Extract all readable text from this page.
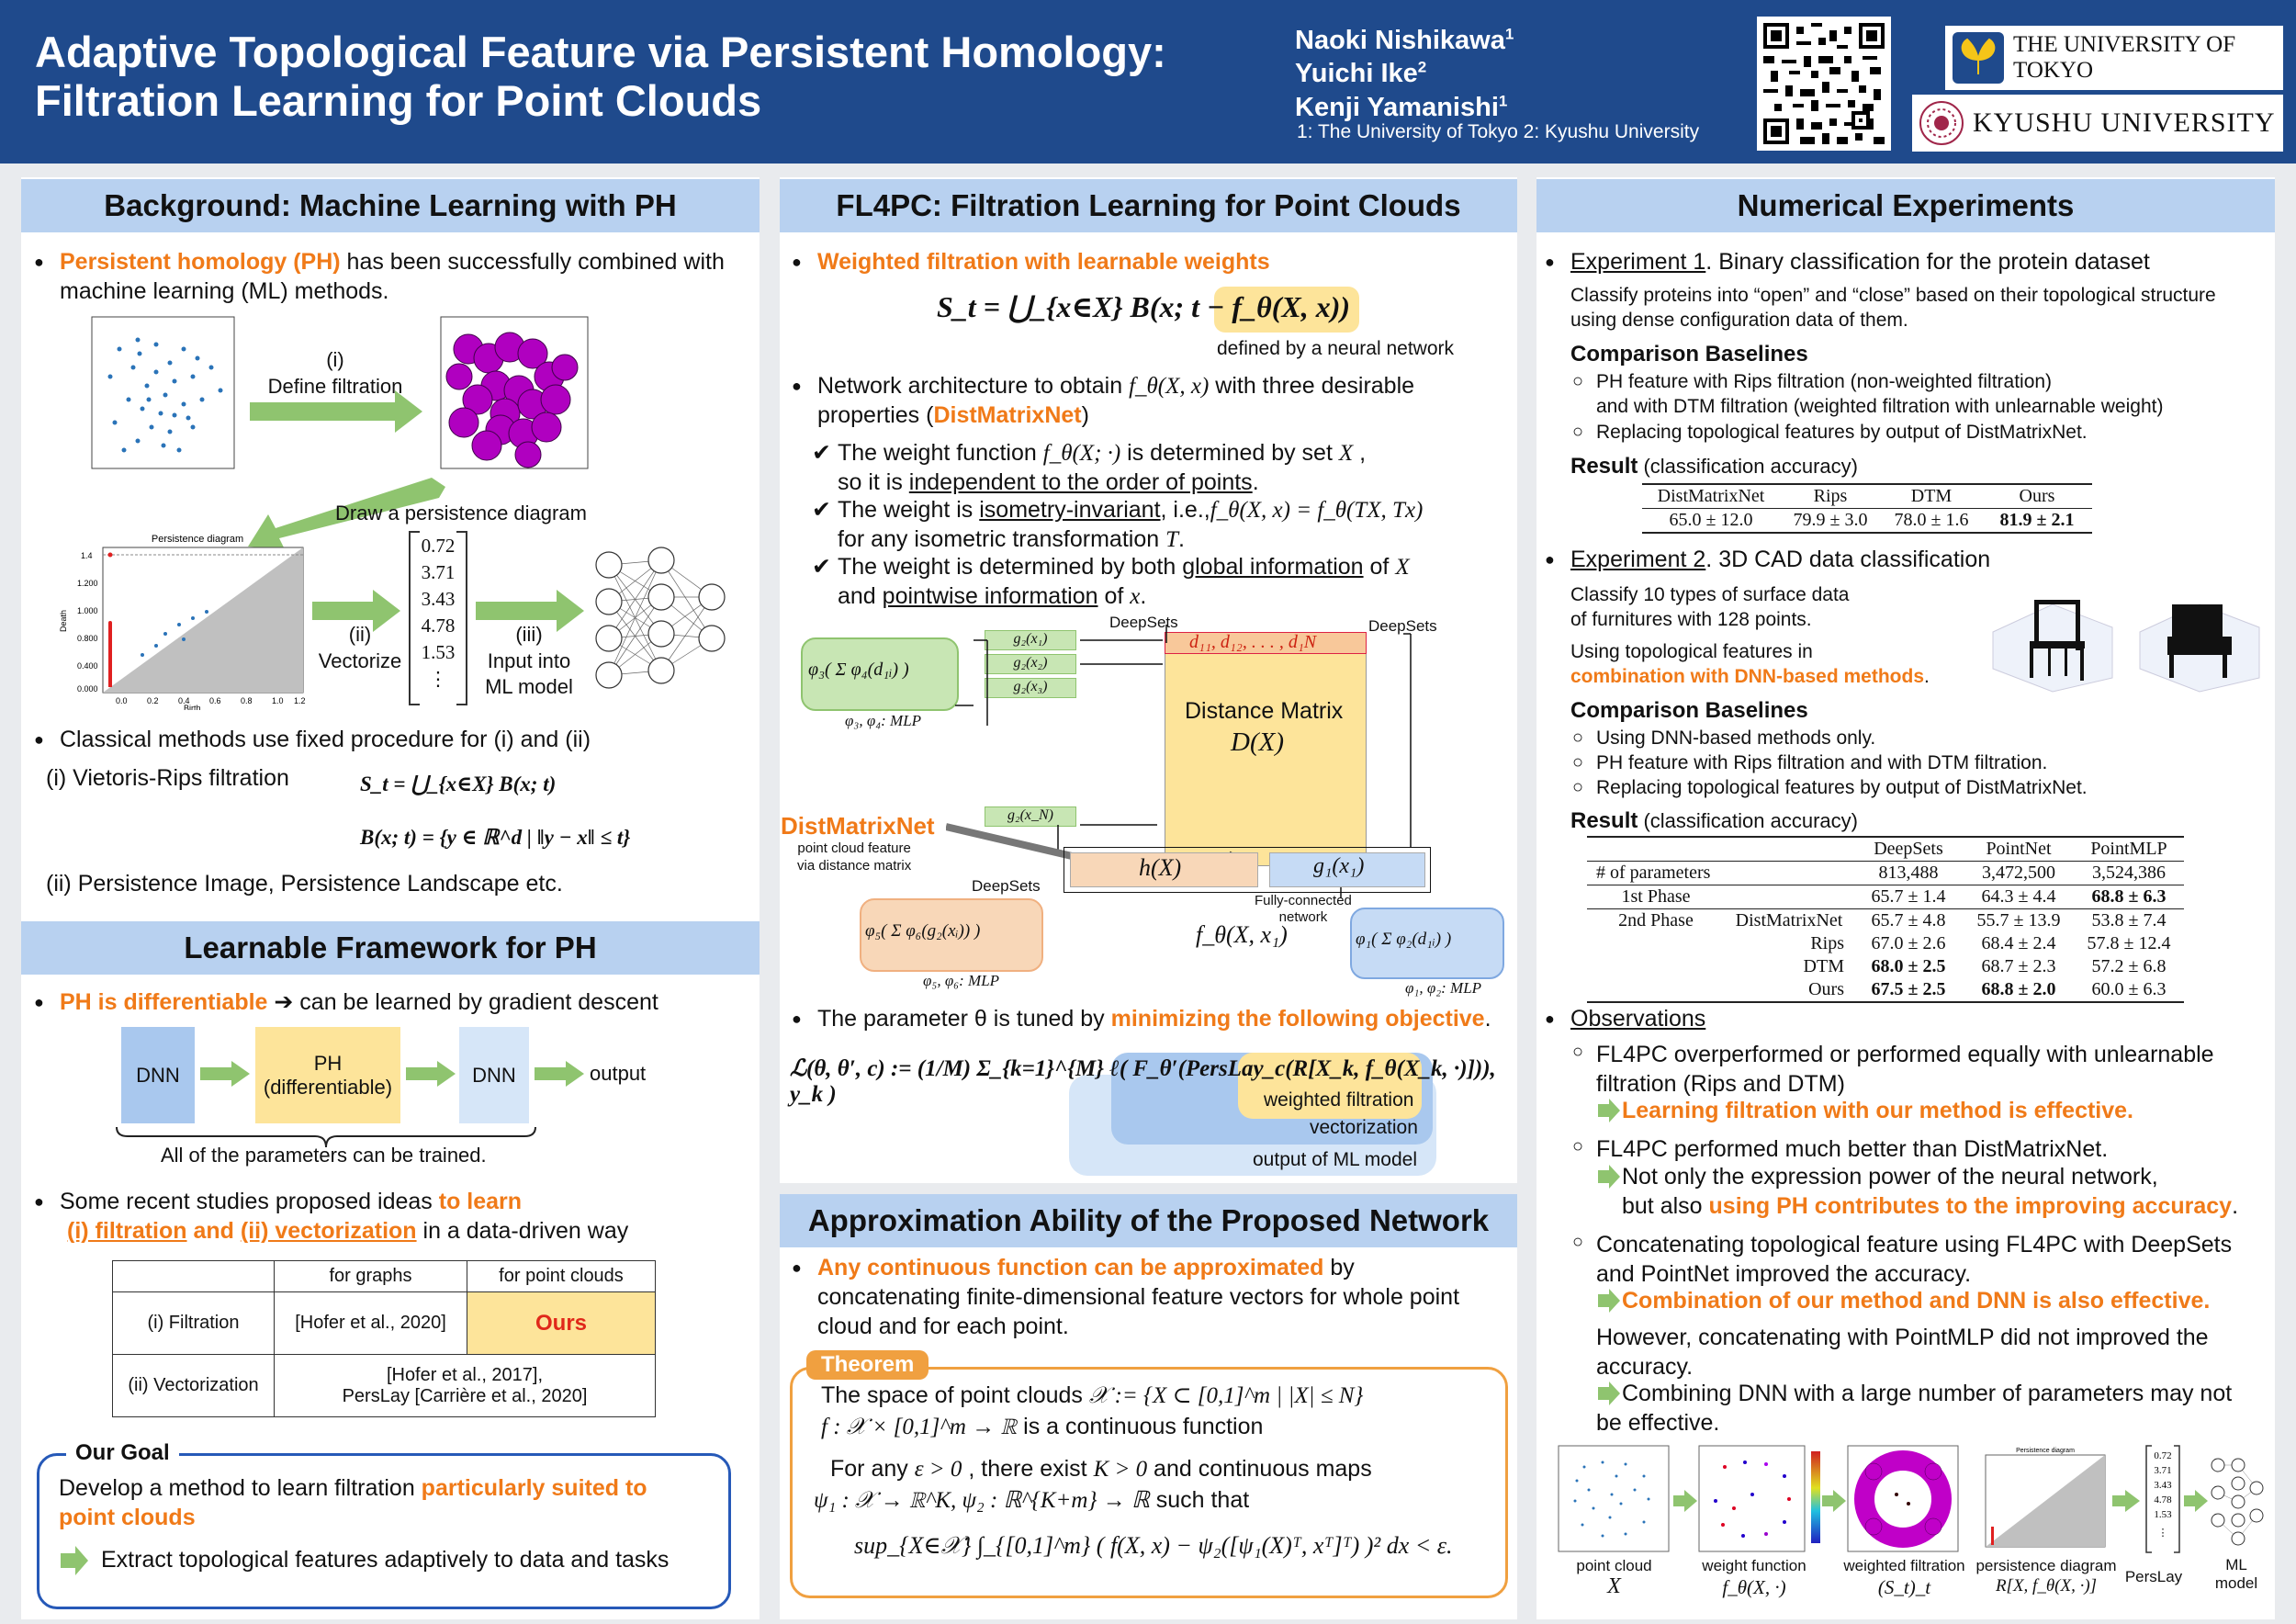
Adaptive Topological Feature via Persistent Homology:
Filtration Learning for Point Clouds
Naoki Nishikawa$^1$
Yuichi Ike$^2$
Kenji Yamanishi$^1$
1: The University of Tokyo 2: Kyushu University
THE UNIVERSITY OF TOKYO
KYUSHU UNIVERSITY
Background: Machine Learning with PH
Persistent homology (PH) has been successfully combined with machine learning (ML) methods.
(i)
Define filtration
Draw a persistence diagram
Persistence diagram
0.0 0.2 0.4 0.6 0.8 1.0 1.2
1.4
1.200
1.000
0.800
0.400
0.000
Birth
Death
(ii)
Vectorize
0.72
3.71
3.43
4.78
1.53
⋮
(iii)
Input into
ML model
Classical methods use fixed procedure for (i) and (ii)
(i) Vietoris-Rips filtration	S_t = ⋃_{x∈X} B(x; t)
B(x; t) = {y ∈ ℝ^d | ‖y − x‖ ≤ t}
(ii) Persistence Image, Persistence Landscape etc.
Learnable Framework for PH
PH is differentiable ➔ can be learned by gradient descent
DNN
PH
(differentiable)
DNN	output
All of the parameters can be trained.
Some recent studies proposed ideas to learn
(i) filtration and (ii) vectorization in a data-driven way
	for graphs	for point clouds
(i) Filtration	[Hofer et al., 2020]	Ours
(ii) Vectorization	[Hofer et al., 2017],
PersLay [Carrière et al., 2020]	
Our Goal
Develop a method to learn filtration particularly suited to point clouds
Extract topological features adaptively to data and tasks
FL4PC: Filtration Learning for Point Clouds
Weighted filtration with learnable weights
S_t = ⋃_{x∈X} B(x; t − f_θ(X, x))
defined by a neural network
Network architecture to obtain f_θ(X, x) with three desirable properties (DistMatrixNet)
The weight function f_θ(X; ·) is determined by set X ,
so it is independent to the order of points.
The weight is isometry-invariant, i.e.,f_θ(X, x) = f_θ(TX, Tx)
for any isometric transformation T.
The weight is determined by both global information of X
and pointwise information of x.
φ₃( Σ φ₄(d₁ᵢ) )
φ₃, φ₄: MLP
DeepSets	DeepSets
DeepSets
d₁₁, d₁₂, . . . , d₁N
Distance Matrix
D(X)
g₂(x₁)
g₂(x₂)
g₂(x₃)
g₂(x_N)
DistMatrixNet
point cloud feature
via distance matrix	h(X)	g₁(x₁)
Fully-connected
network
f_θ(X, x₁)
φ₅( Σ φ₆(g₂(xᵢ)) )
φ₅, φ₆: MLP
φ₁( Σ φ₂(d₁ᵢ) )
φ₁, φ₂: MLP
The parameter θ is tuned by minimizing the following objective.
ℒ(θ, θ′, c) := (1/M) Σ_{k=1}^{M} ℓ( F_θ′(PersLay_c(R[X_k, f_θ(X_k, ·)])), y_k )	weighted filtration
vectorization
output of ML model
Approximation Ability of the Proposed Network
Any continuous function can be approximated by concatenating finite-dimensional feature vectors for whole point cloud and for each point.
Theorem
The space of point clouds 𝒳 := {X ⊂ [0,1]^m | |X| ≤ N}
f : 𝒳 × [0,1]^m → ℝ is a continuous function
For any ε > 0 , there exist K > 0 and continuous maps
ψ₁ : 𝒳 → ℝ^K, ψ₂ : ℝ^{K+m} → ℝ such that
sup_{X∈𝒳} ∫_{[0,1]^m} ( f(X, x) − ψ₂([ψ₁(X)ᵀ, xᵀ]ᵀ) )² dx < ε.
Numerical Experiments
Experiment 1. Binary classification for the protein dataset
Classify proteins into “open” and “close” based on their topological structure using dense configuration data of them.
Comparison Baselines
PH feature with Rips filtration (non-weighted filtration)
and with DTM filtration (weighted filtration with unlearnable weight)
Replacing topological features by output of DistMatrixNet.
Result (classification accuracy)
DistMatrixNet	Rips	DTM	Ours
65.0 ± 12.0	79.9 ± 3.0	78.0 ± 1.6	81.9 ± 2.1
Experiment 2. 3D CAD data classification
Classify 10 types of surface data
of furnitures with 128 points.
Using topological features in
combination with DNN-based methods.
Comparison Baselines
Using DNN-based methods only.
PH feature with Rips filtration and with DTM filtration.
Replacing topological features by output of DistMatrixNet.
Result (classification accuracy)
		DeepSets	PointNet	PointMLP
# of parameters		813,488	3,472,500	3,524,386
1st Phase		65.7 ± 1.4	64.3 ± 4.4	68.8 ± 6.3
2nd Phase	DistMatrixNet	65.7 ± 4.8	55.7 ± 13.9	53.8 ± 7.4
	Rips	67.0 ± 2.6	68.4 ± 2.4	57.8 ± 12.4
	DTM	68.0 ± 2.5	68.7 ± 2.3	57.2 ± 6.8
	Ours	67.5 ± 2.5	68.8 ± 2.0	60.0 ± 6.3
Observations
FL4PC overperformed or performed equally with unlearnable filtration (Rips and DTM)
Learning filtration with our method is effective.
FL4PC performed much better than DistMatrixNet.
Not only the expression power of the neural network,
but also using PH contributes to the improving accuracy.
Concatenating topological feature using FL4PC with DeepSets and PointNet improved the accuracy.
Combination of our method and DNN is also effective.
However, concatenating with PointMLP did not improved the accuracy.
Combining DNN with a large number of parameters may not be effective.
Persistence diagram	0.72
3.71
3.43
4.78
1.53
⋮
point cloud
X
weight function
f_θ(X, ·)
weighted filtration
(S_t)_t
persistence diagram
R[X, f_θ(X, ·)]	PersLay
ML
model
